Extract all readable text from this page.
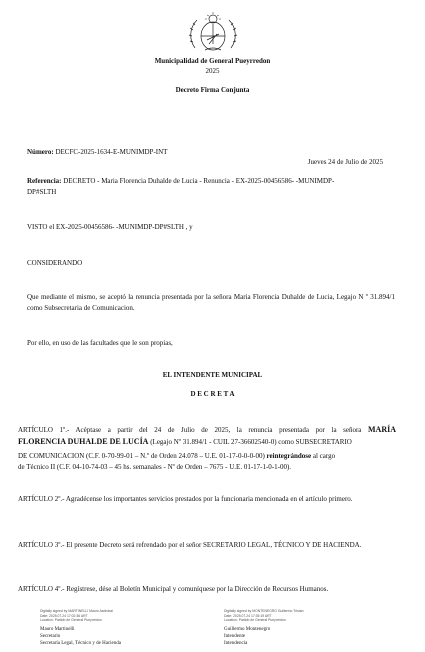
Municipalidad de General Pueyrredon
2025
Decreto Firma Conjunta
Número: DECFC-2025-1634-E-MUNIMDP-INT
Jueves 24 de Julio de 2025
Referencia: DECRETO - Maria Florencia Duhalde de Lucia - Renuncia - EX-2025-00456586- -MUNIMDP-
DP#SLTH
VISTO el EX-2025-00456586- -MUNIMDP-DP#SLTH , y
CONSIDERANDO
Que mediante el mismo, se aceptó la renuncia presentada por la señora Maria Florencia Duhalde de Lucia, Legajo N º 31.894/1 como Subsecretaria de Comunicacion.
Por ello, en uso de las facultades que le son propias,
EL INTENDENTE MUNICIPAL
D E C R E T A
ARTÍCULO 1º.- Acéptase a partir del 24 de Julio de 2025, la renuncia presentada por la señora MARÍA
FLORENCIA DUHALDE DE LUCÍA (Legajo Nº 31.894/1 - CUIL 27-36602540-0) como SUBSECRETARIO
DE COMUNICACION (C.F. 0-70-99-01 – N.º de Orden 24.078 – U.E. 01-17-0-0-0-00) reintegrándose al cargo
de Técnico II (C.F. 04-10-74-03 – 45 hs. semanales - Nº de Orden – 7675 - U.E. 01-17-1-0-1-00).
ARTÍCULO 2º.- Agradécense los importantes servicios prestados por la funcionaria mencionada en el artículo primero.
ARTÍCULO 3º.- El presente Decreto será refrendado por el señor SECRETARIO LEGAL, TÉCNICO Y DE HACIENDA.
ARTÍCULO 4º.- Regístrese, dése al Boletín Municipal y comuníquese por la Dirección de Recursos Humanos.
Digitally signed by MARTINELLI Mauro Asdrubal
Date: 2025.07.24 17:02:36 ART
Location: Partido de General Pueyrredon
Mauro Martinelli
Secretario
Secretaría Legal, Técnico y de Hacienda
Digitally signed by MONTENEGRO Guillermo Tristan
Date: 2025.07.24 17:35:19 ART
Location: Partido de General Pueyrredon
Guillermo Montenegro
Intendente
Intendencia
